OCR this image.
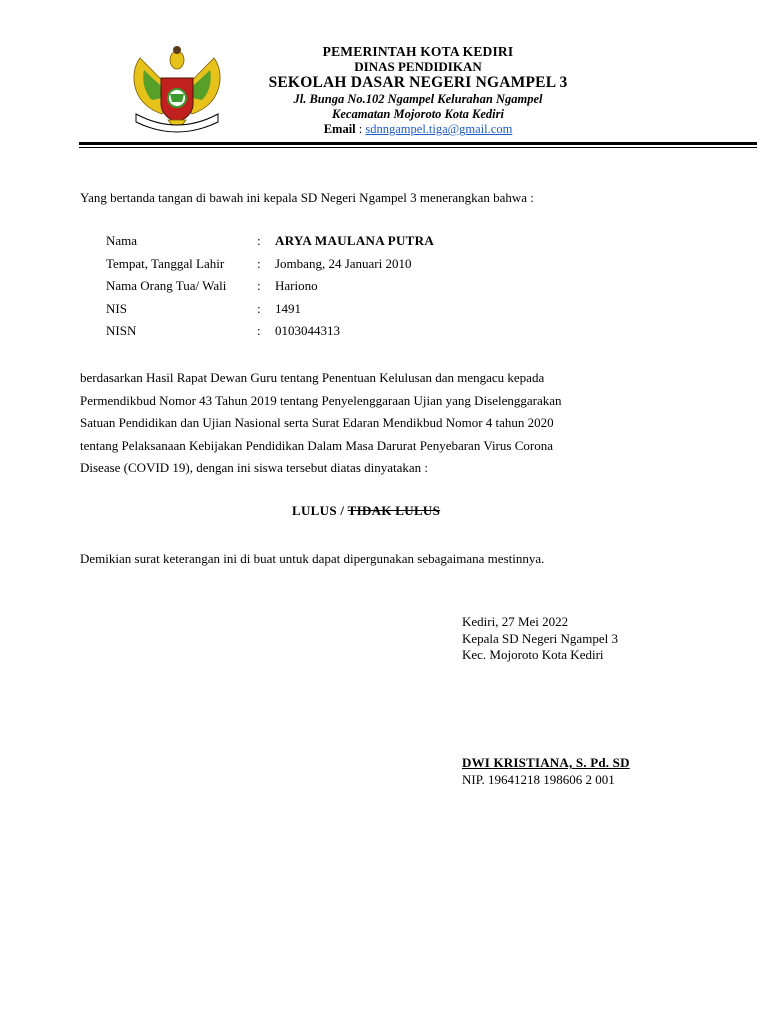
PEMERINTAH KOTA KEDIRI
DINAS PENDIDIKAN
SEKOLAH DASAR NEGERI NGAMPEL 3
Jl. Bunga No.102 Ngampel Kelurahan Ngampel
Kecamatan Mojoroto Kota Kediri
Email : sdnngampel.tiga@gmail.com
Yang bertanda tangan di bawah ini kepala SD Negeri Ngampel 3 menerangkan bahwa :
Nama	:	ARYA MAULANA PUTRA
Tempat, Tanggal Lahir	:	Jombang, 24 Januari 2010
Nama Orang Tua/ Wali	:	Hariono
NIS	:	1491
NISN	:	0103044313
berdasarkan Hasil Rapat Dewan Guru tentang Penentuan Kelulusan dan mengacu kepada
Permendikbud Nomor 43 Tahun 2019 tentang Penyelenggaraan Ujian yang Diselenggarakan
Satuan Pendidikan dan Ujian Nasional serta Surat Edaran Mendikbud Nomor 4 tahun 2020
tentang Pelaksanaan Kebijakan Pendidikan Dalam Masa Darurat Penyebaran Virus Corona
Disease (COVID 19), dengan ini siswa tersebut diatas dinyatakan :
LULUS / TIDAK LULUS
Demikian surat keterangan ini di buat untuk dapat dipergunakan sebagaimana mestinnya.
Kediri, 27 Mei 2022
Kepala SD Negeri Ngampel 3
Kec. Mojoroto Kota Kediri
DWI KRISTIANA, S. Pd. SD
NIP. 19641218 198606 2 001
